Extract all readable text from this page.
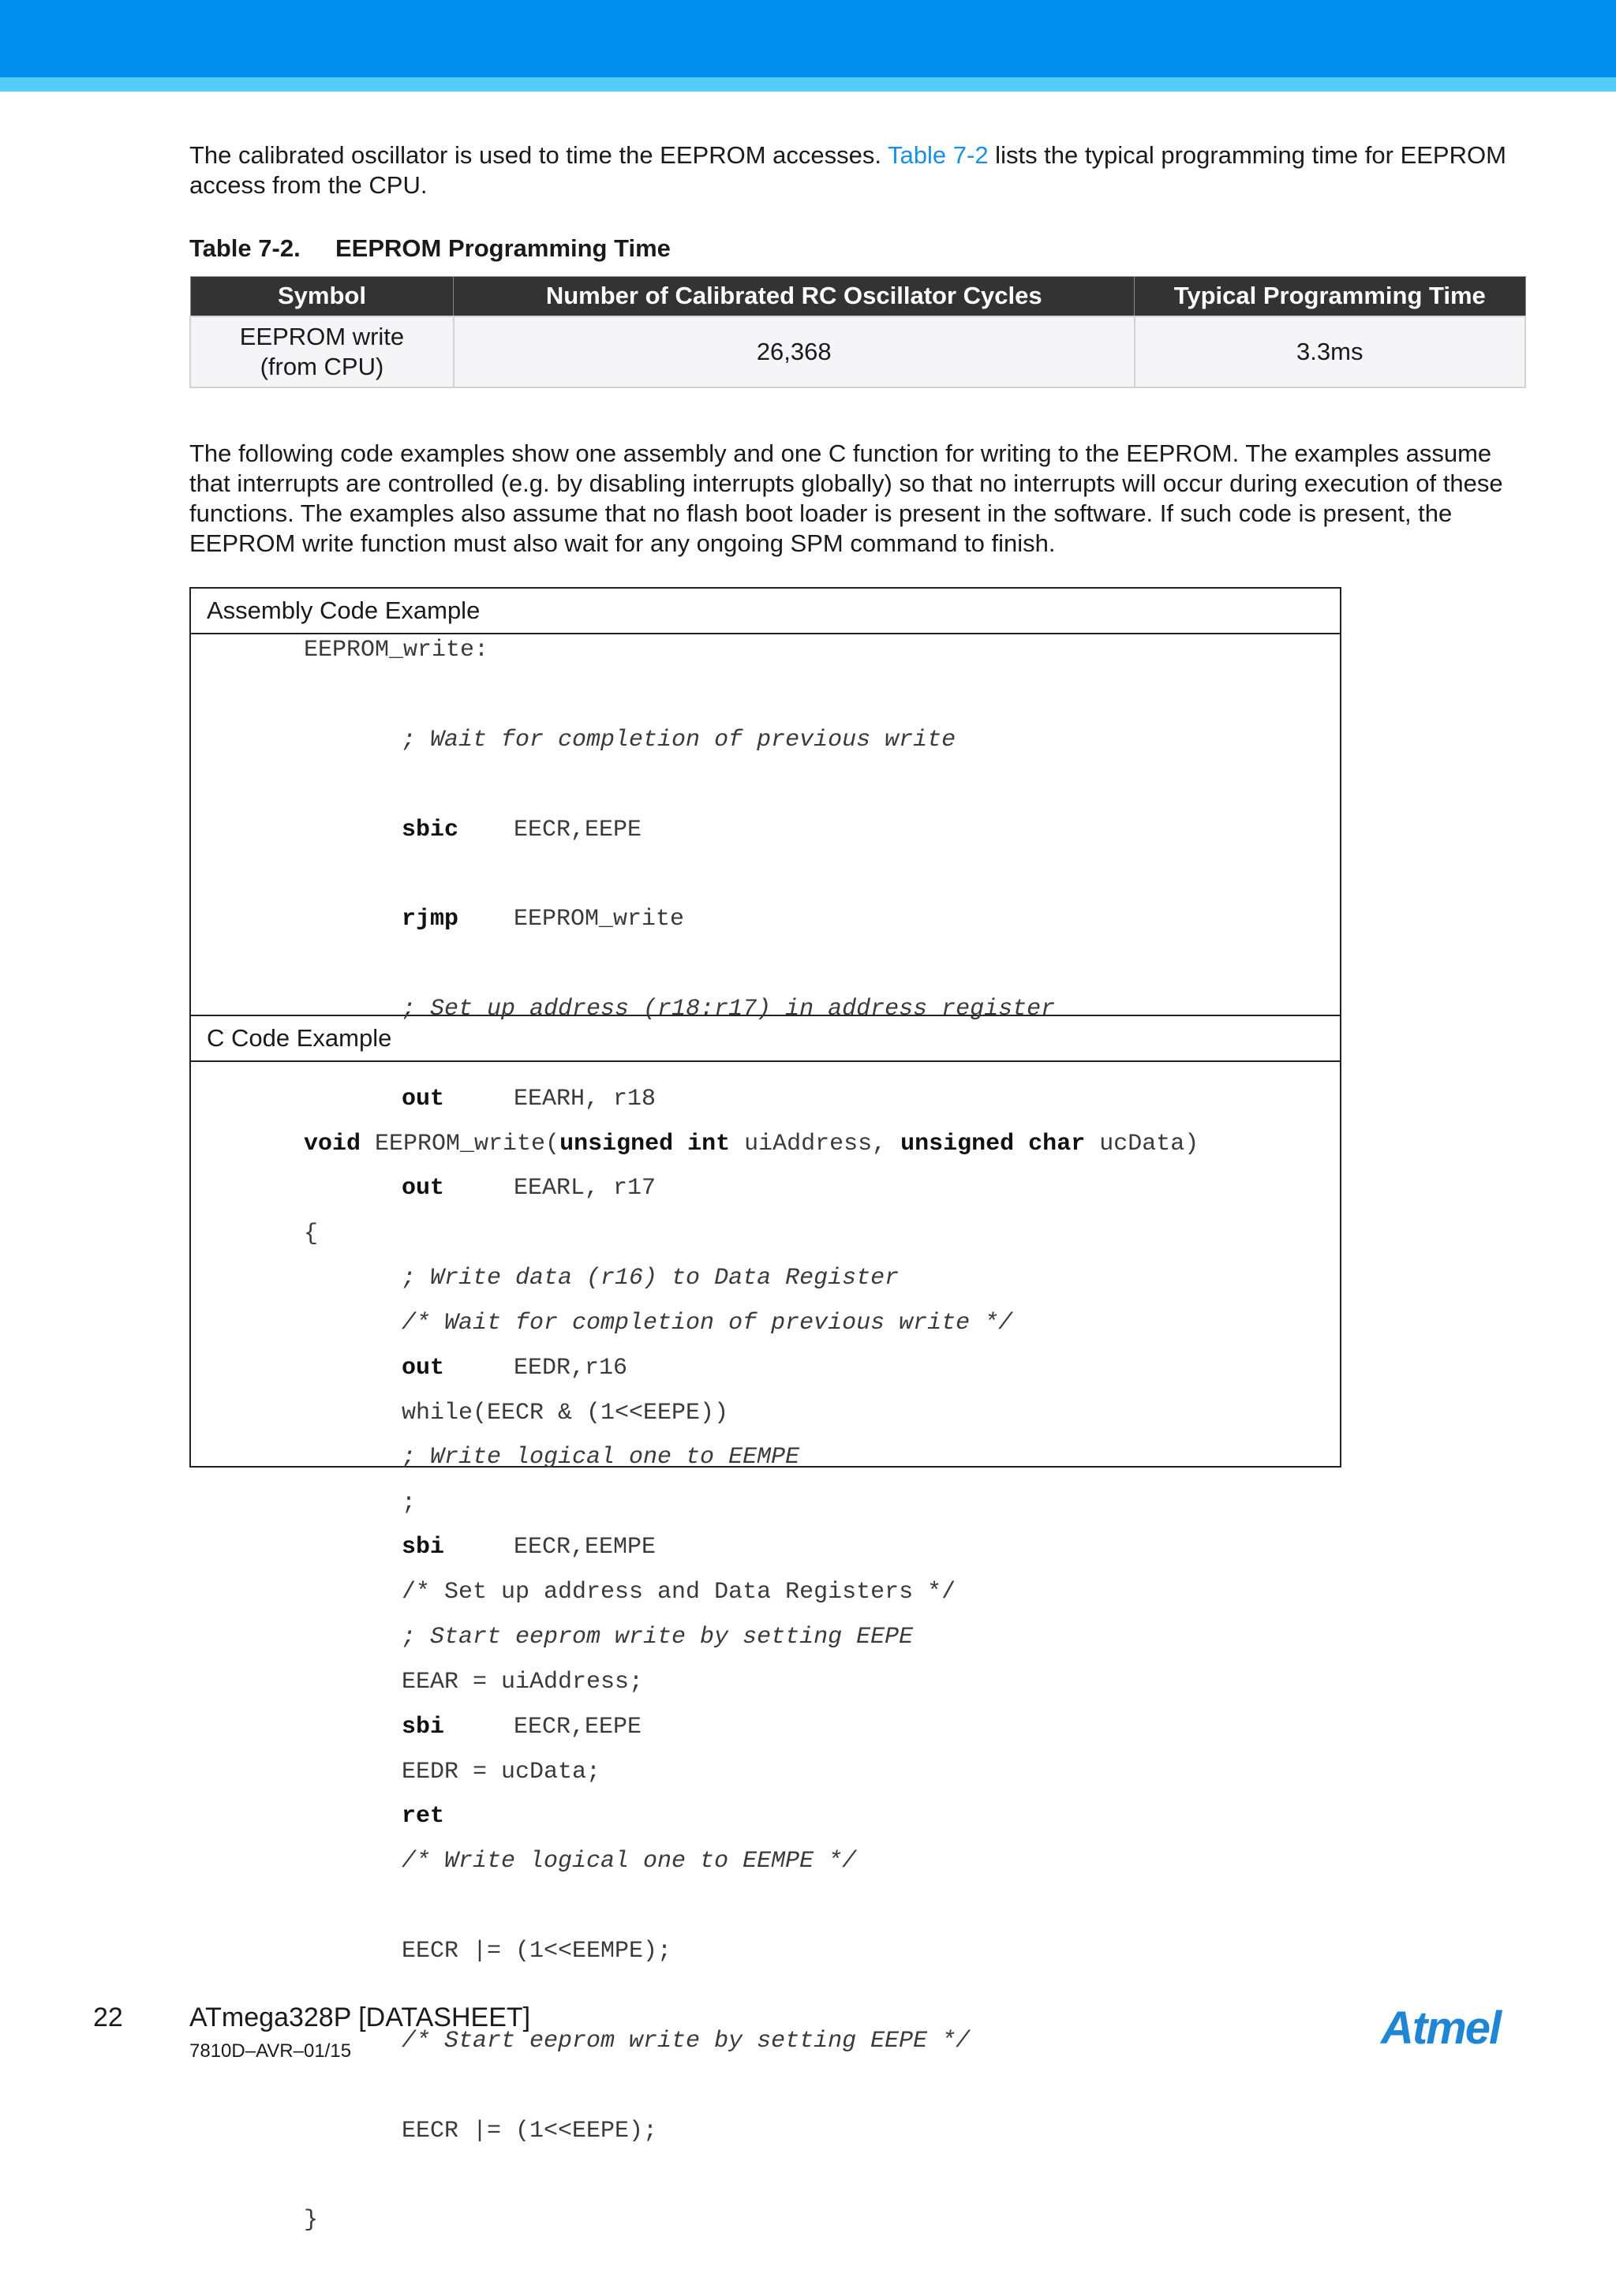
The calibrated oscillator is used to time the EEPROM accesses. Table 7-2 lists the typical programming time for EEPROM access from the CPU.

Table 7-2. EEPROM Programming Time
Symbol	Number of Calibrated RC Oscillator Cycles	Typical Programming Time

EEPROM write (from CPU)	26,368	3.3ms

The following code examples show one assembly and one C function for writing to the EEPROM. The examples assume that interrupts are controlled (e.g. by disabling interrupts globally) so that no interrupts will occur during execution of these functions. The examples also assume that no flash boot loader is present in the software. If such code is present, the EEPROM write function must also wait for any ongoing SPM command to finish.

Assembly Code Example

EEPROM_write:

; Wait for completion of previous write

sbic EECR,EEPE

rjmp EEPROM_write

; Set up address (r18:r17) in address register

out	EEARH, r18

out	EEARL, r17

; Write data (r16) to Data Register

out	EEDR,r16

; Write logical one to EEMPE

sbi	EECR,EEMPE

; Start eeprom write by setting EEPE

sbi	EECR,EEPE

ret

C Code Example

void EEPROM_write(unsigned int uiAddress, unsigned char ucData)

{

/* Wait for completion of previous write */

while(EECR & (1<<EEPE))

;

/* Set up address and Data Registers */

EEAR = uiAddress;

EEDR = ucData;

/* Write logical one to EEMPE */

EECR |= (1<<EEMPE);

/* Start eeprom write by setting EEPE */

EECR |= (1<<EEPE);

}

22 ATmega328P [DATASHEET]
7810D–AVR–01/15	Atmel
